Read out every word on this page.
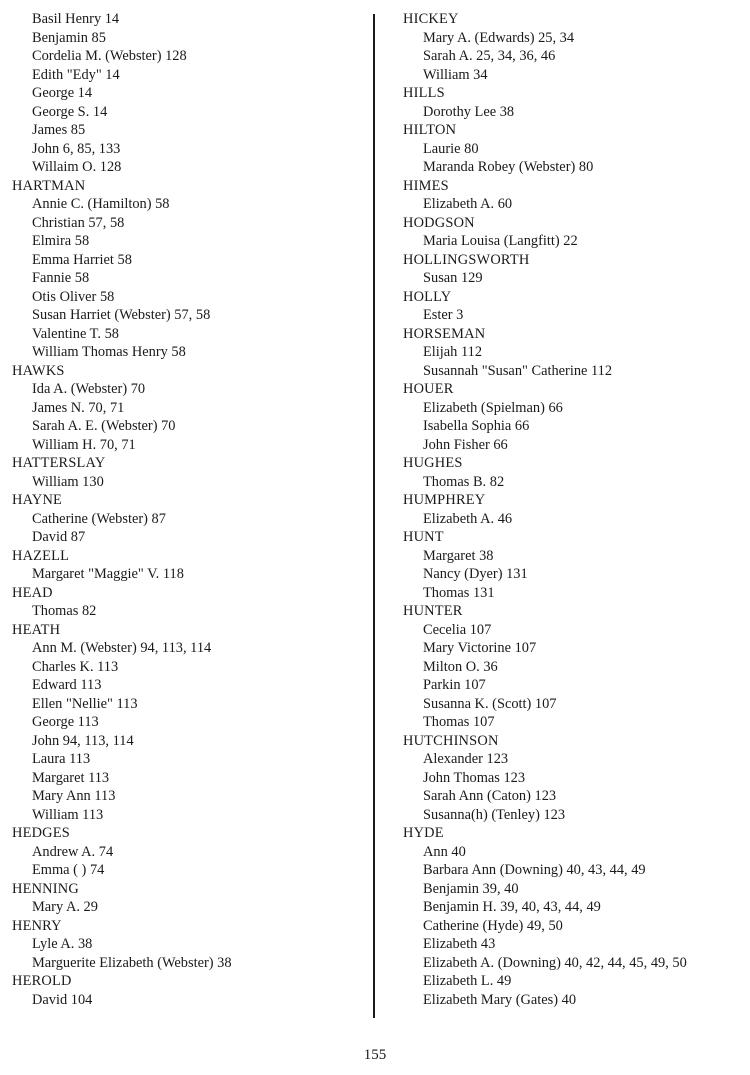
Basil Henry 14
Benjamin 85
Cordelia M. (Webster) 128
Edith "Edy" 14
George 14
George S. 14
James 85
John 6, 85, 133
Willaim O. 128
HARTMAN
Annie C. (Hamilton) 58
Christian 57, 58
Elmira 58
Emma Harriet 58
Fannie 58
Otis Oliver 58
Susan Harriet (Webster) 57, 58
Valentine T. 58
William Thomas Henry 58
HAWKS
Ida A. (Webster) 70
James N. 70, 71
Sarah A. E. (Webster) 70
William H. 70, 71
HATTERSLAY
William 130
HAYNE
Catherine (Webster) 87
David 87
HAZELL
Margaret "Maggie" V. 118
HEAD
Thomas 82
HEATH
Ann M. (Webster) 94, 113, 114
Charles K. 113
Edward 113
Ellen "Nellie" 113
George 113
John 94, 113, 114
Laura 113
Margaret 113
Mary Ann 113
William 113
HEDGES
Andrew A. 74
Emma ( ) 74
HENNING
Mary A. 29
HENRY
Lyle A. 38
Marguerite Elizabeth (Webster) 38
HEROLD
David 104
HICKEY
Mary A. (Edwards) 25, 34
Sarah A. 25, 34, 36, 46
William 34
HILLS
Dorothy Lee 38
HILTON
Laurie 80
Maranda Robey (Webster) 80
HIMES
Elizabeth A. 60
HODGSON
Maria Louisa (Langfitt) 22
HOLLINGSWORTH
Susan 129
HOLLY
Ester 3
HORSEMAN
Elijah 112
Susannah "Susan" Catherine 112
HOUER
Elizabeth (Spielman) 66
Isabella Sophia 66
John Fisher 66
HUGHES
Thomas B. 82
HUMPHREY
Elizabeth A. 46
HUNT
Margaret 38
Nancy (Dyer) 131
Thomas 131
HUNTER
Cecelia 107
Mary Victorine 107
Milton O. 36
Parkin 107
Susanna K. (Scott) 107
Thomas 107
HUTCHINSON
Alexander 123
John Thomas 123
Sarah Ann (Caton) 123
Susanna(h) (Tenley) 123
HYDE
Ann 40
Barbara Ann (Downing) 40, 43, 44, 49
Benjamin 39, 40
Benjamin H. 39, 40, 43, 44, 49
Catherine (Hyde) 49, 50
Elizabeth 43
Elizabeth A. (Downing) 40, 42, 44, 45, 49, 50
Elizabeth L. 49
Elizabeth Mary (Gates) 40
155
